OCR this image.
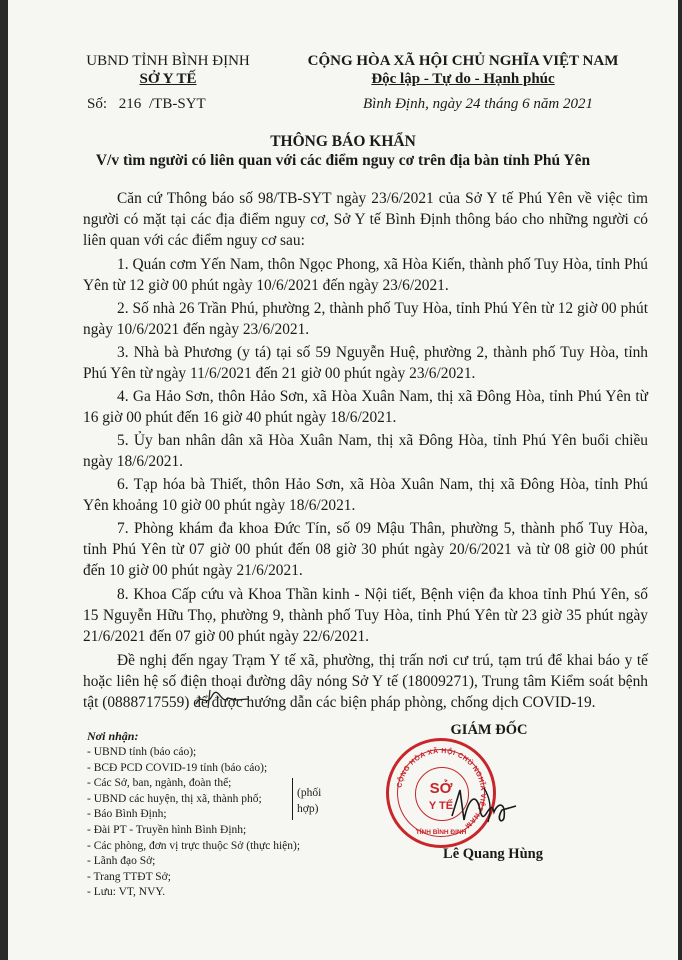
UBND TỈNH BÌNH ĐỊNH
SỞ Y TẾ
Số: 216 /TB-SYT
CỘNG HÒA XÃ HỘI CHỦ NGHĨA VIỆT NAM
Độc lập - Tự do - Hạnh phúc
Bình Định, ngày 24 tháng 6 năm 2021
THÔNG BÁO KHẨN
V/v tìm người có liên quan với các điểm nguy cơ trên địa bàn tỉnh Phú Yên

Căn cứ Thông báo số 98/TB-SYT ngày 23/6/2021 của Sở Y tế Phú Yên về việc tìm người có mặt tại các địa điểm nguy cơ, Sở Y tế Bình Định thông báo cho những người có liên quan với các điểm nguy cơ sau:

1. Quán cơm Yến Nam, thôn Ngọc Phong, xã Hòa Kiến, thành phố Tuy Hòa, tỉnh Phú Yên từ 12 giờ 00 phút ngày 10/6/2021 đến ngày 23/6/2021.

2. Số nhà 26 Trần Phú, phường 2, thành phố Tuy Hòa, tỉnh Phú Yên từ 12 giờ 00 phút ngày 10/6/2021 đến ngày 23/6/2021.

3. Nhà bà Phương (y tá) tại số 59 Nguyễn Huệ, phường 2, thành phố Tuy Hòa, tỉnh Phú Yên từ ngày 11/6/2021 đến 21 giờ 00 phút ngày 23/6/2021.

4. Ga Hảo Sơn, thôn Hảo Sơn, xã Hòa Xuân Nam, thị xã Đông Hòa, tỉnh Phú Yên từ 16 giờ 00 phút đến 16 giờ 40 phút ngày 18/6/2021.

5. Ủy ban nhân dân xã Hòa Xuân Nam, thị xã Đông Hòa, tỉnh Phú Yên buổi chiều ngày 18/6/2021.

6. Tạp hóa bà Thiết, thôn Hảo Sơn, xã Hòa Xuân Nam, thị xã Đông Hòa, tỉnh Phú Yên khoảng 10 giờ 00 phút ngày 18/6/2021.

7. Phòng khám đa khoa Đức Tín, số 09 Mậu Thân, phường 5, thành phố Tuy Hòa, tỉnh Phú Yên từ 07 giờ 00 phút đến 08 giờ 30 phút ngày 20/6/2021 và từ 08 giờ 00 phút đến 10 giờ 00 phút ngày 21/6/2021.

8. Khoa Cấp cứu và Khoa Thần kinh - Nội tiết, Bệnh viện đa khoa tỉnh Phú Yên, số 15 Nguyễn Hữu Thọ, phường 9, thành phố Tuy Hòa, tỉnh Phú Yên từ 23 giờ 35 phút ngày 21/6/2021 đến 07 giờ 00 phút ngày 22/6/2021.

Đề nghị đến ngay Trạm Y tế xã, phường, thị trấn nơi cư trú, tạm trú để khai báo y tế hoặc liên hệ số điện thoại đường dây nóng Sở Y tế (18009271), Trung tâm Kiểm soát bệnh tật (0888717559) để được hướng dẫn các biện pháp phòng, chống dịch COVID-19.

Nơi nhận:
- UBND tỉnh (báo cáo);
- BCĐ PCD COVID-19 tỉnh (báo cáo);
- Các Sở, ban, ngành, đoàn thể;
- UBND các huyện, thị xã, thành phố;
- Báo Bình Định;
- Đài PT - Truyền hình Bình Định;
- Các phòng, đơn vị trực thuộc Sở (thực hiện);
- Lãnh đạo Sở;
- Trang TTĐT Sở;
- Lưu: VT, NVY.
(phối
hợp)
GIÁM ĐỐC
CỘNG HÒA XÃ HỘI CHỦ NGHĨA VIỆT NAM
TỈNH BÌNH ĐỊNH
SỞ
Y TẾ
Lê Quang Hùng
